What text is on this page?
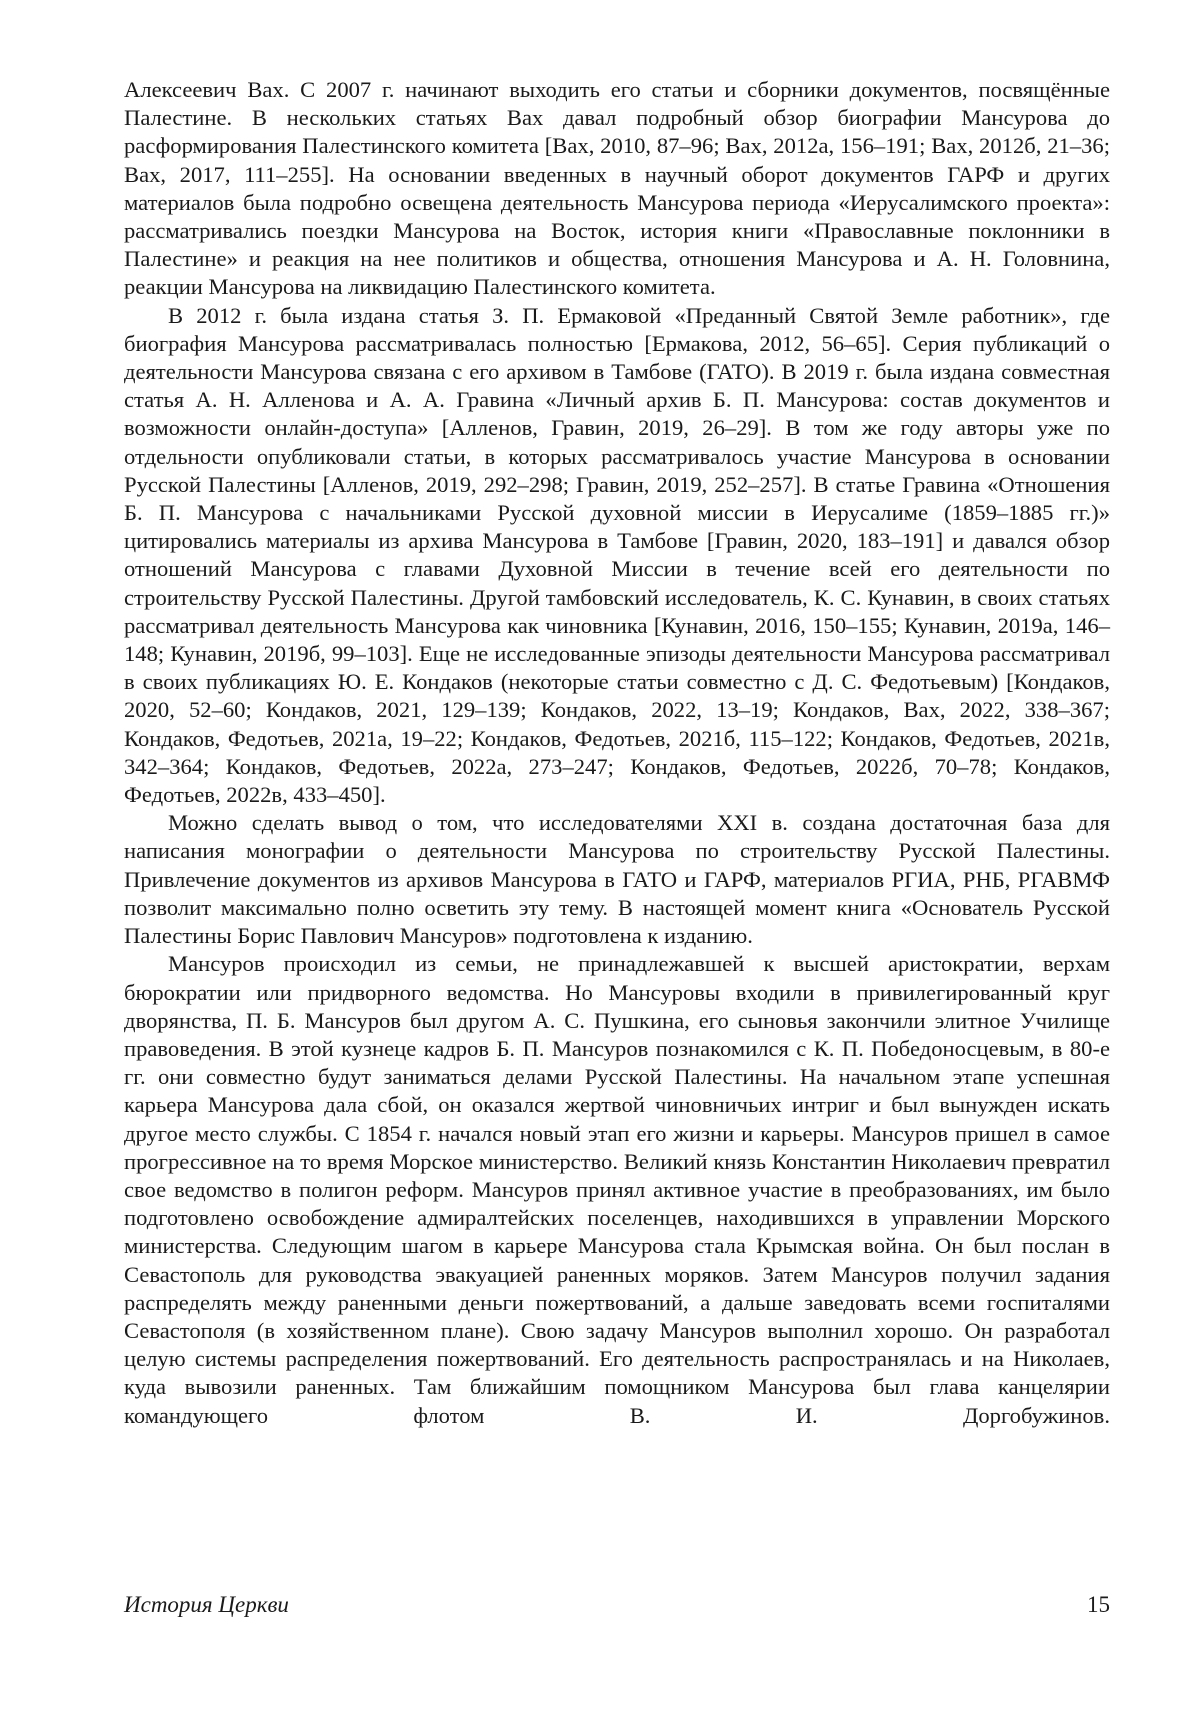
Алексеевич Вах. С 2007 г. начинают выходить его статьи и сборники документов, посвящённые Палестине. В нескольких статьях Вах давал подробный обзор биографии Мансурова до расформирования Палестинского комитета [Вах, 2010, 87–96; Вах, 2012а, 156–191; Вах, 2012б, 21–36; Вах, 2017, 111–255]. На основании введенных в научный оборот документов ГАРФ и других материалов была подробно освещена деятельность Мансурова периода «Иерусалимского проекта»: рассматривались поездки Мансурова на Восток, история книги «Православные поклонники в Палестине» и реакция на нее политиков и общества, отношения Мансурова и А. Н. Головнина, реакции Мансурова на ликвидацию Палестинского комитета.

В 2012 г. была издана статья З. П. Ермаковой «Преданный Святой Земле работник», где биография Мансурова рассматривалась полностью [Ермакова, 2012, 56–65]. Серия публикаций о деятельности Мансурова связана с его архивом в Тамбове (ГАТО). В 2019 г. была издана совместная статья А. Н. Алленова и А. А. Гравина «Личный архив Б. П. Мансурова: состав документов и возможности онлайн-доступа» [Алленов, Гравин, 2019, 26–29]. В том же году авторы уже по отдельности опубликовали статьи, в которых рассматривалось участие Мансурова в основании Русской Палестины [Алленов, 2019, 292–298; Гравин, 2019, 252–257]. В статье Гравина «Отношения Б. П. Мансурова с начальниками Русской духовной миссии в Иерусалиме (1859–1885 гг.)» цитировались материалы из архива Мансурова в Тамбове [Гравин, 2020, 183–191] и давался обзор отношений Мансурова с главами Духовной Миссии в течение всей его деятельности по строительству Русской Палестины. Другой тамбовский исследователь, К. С. Кунавин, в своих статьях рассматривал деятельность Мансурова как чиновника [Кунавин, 2016, 150–155; Кунавин, 2019а, 146–148; Кунавин, 2019б, 99–103]. Еще не исследованные эпизоды деятельности Мансурова рассматривал в своих публикациях Ю. Е. Кондаков (некоторые статьи совместно с Д. С. Федотьевым) [Кондаков, 2020, 52–60; Кондаков, 2021, 129–139; Кондаков, 2022, 13–19; Кондаков, Вах, 2022, 338–367; Кондаков, Федотьев, 2021а, 19–22; Кондаков, Федотьев, 2021б, 115–122; Кондаков, Федотьев, 2021в, 342–364; Кондаков, Федотьев, 2022а, 273–247; Кондаков, Федотьев, 2022б, 70–78; Кондаков, Федотьев, 2022в, 433–450].

Можно сделать вывод о том, что исследователями XXI в. создана достаточная база для написания монографии о деятельности Мансурова по строительству Русской Палестины. Привлечение документов из архивов Мансурова в ГАТО и ГАРФ, материалов РГИА, РНБ, РГАВМФ позволит максимально полно осветить эту тему. В настоящей момент книга «Основатель Русской Палестины Борис Павлович Мансуров» подготовлена к изданию.

Мансуров происходил из семьи, не принадлежавшей к высшей аристократии, верхам бюрократии или придворного ведомства. Но Мансуровы входили в привилегированный круг дворянства, П. Б. Мансуров был другом А. С. Пушкина, его сыновья закончили элитное Училище правоведения. В этой кузнеце кадров Б. П. Мансуров познакомился с К. П. Победоносцевым, в 80-е гг. они совместно будут заниматься делами Русской Палестины. На начальном этапе успешная карьера Мансурова дала сбой, он оказался жертвой чиновничьих интриг и был вынужден искать другое место службы. С 1854 г. начался новый этап его жизни и карьеры. Мансуров пришел в самое прогрессивное на то время Морское министерство. Великий князь Константин Николаевич превратил свое ведомство в полигон реформ. Мансуров принял активное участие в преобразованиях, им было подготовлено освобождение адмиралтейских поселенцев, находившихся в управлении Морского министерства. Следующим шагом в карьере Мансурова стала Крымская война. Он был послан в Севастополь для руководства эвакуацией раненных моряков. Затем Мансуров получил задания распределять между раненными деньги пожертвований, а дальше заведовать всеми госпиталями Севастополя (в хозяйственном плане). Свою задачу Мансуров выполнил хорошо. Он разработал целую системы распределения пожертвований. Его деятельность распространялась и на Николаев, куда вывозили раненных. Там ближайшим помощником Мансурова был глава канцелярии командующего флотом В. И. Доргобужинов.

История Церкви	15
